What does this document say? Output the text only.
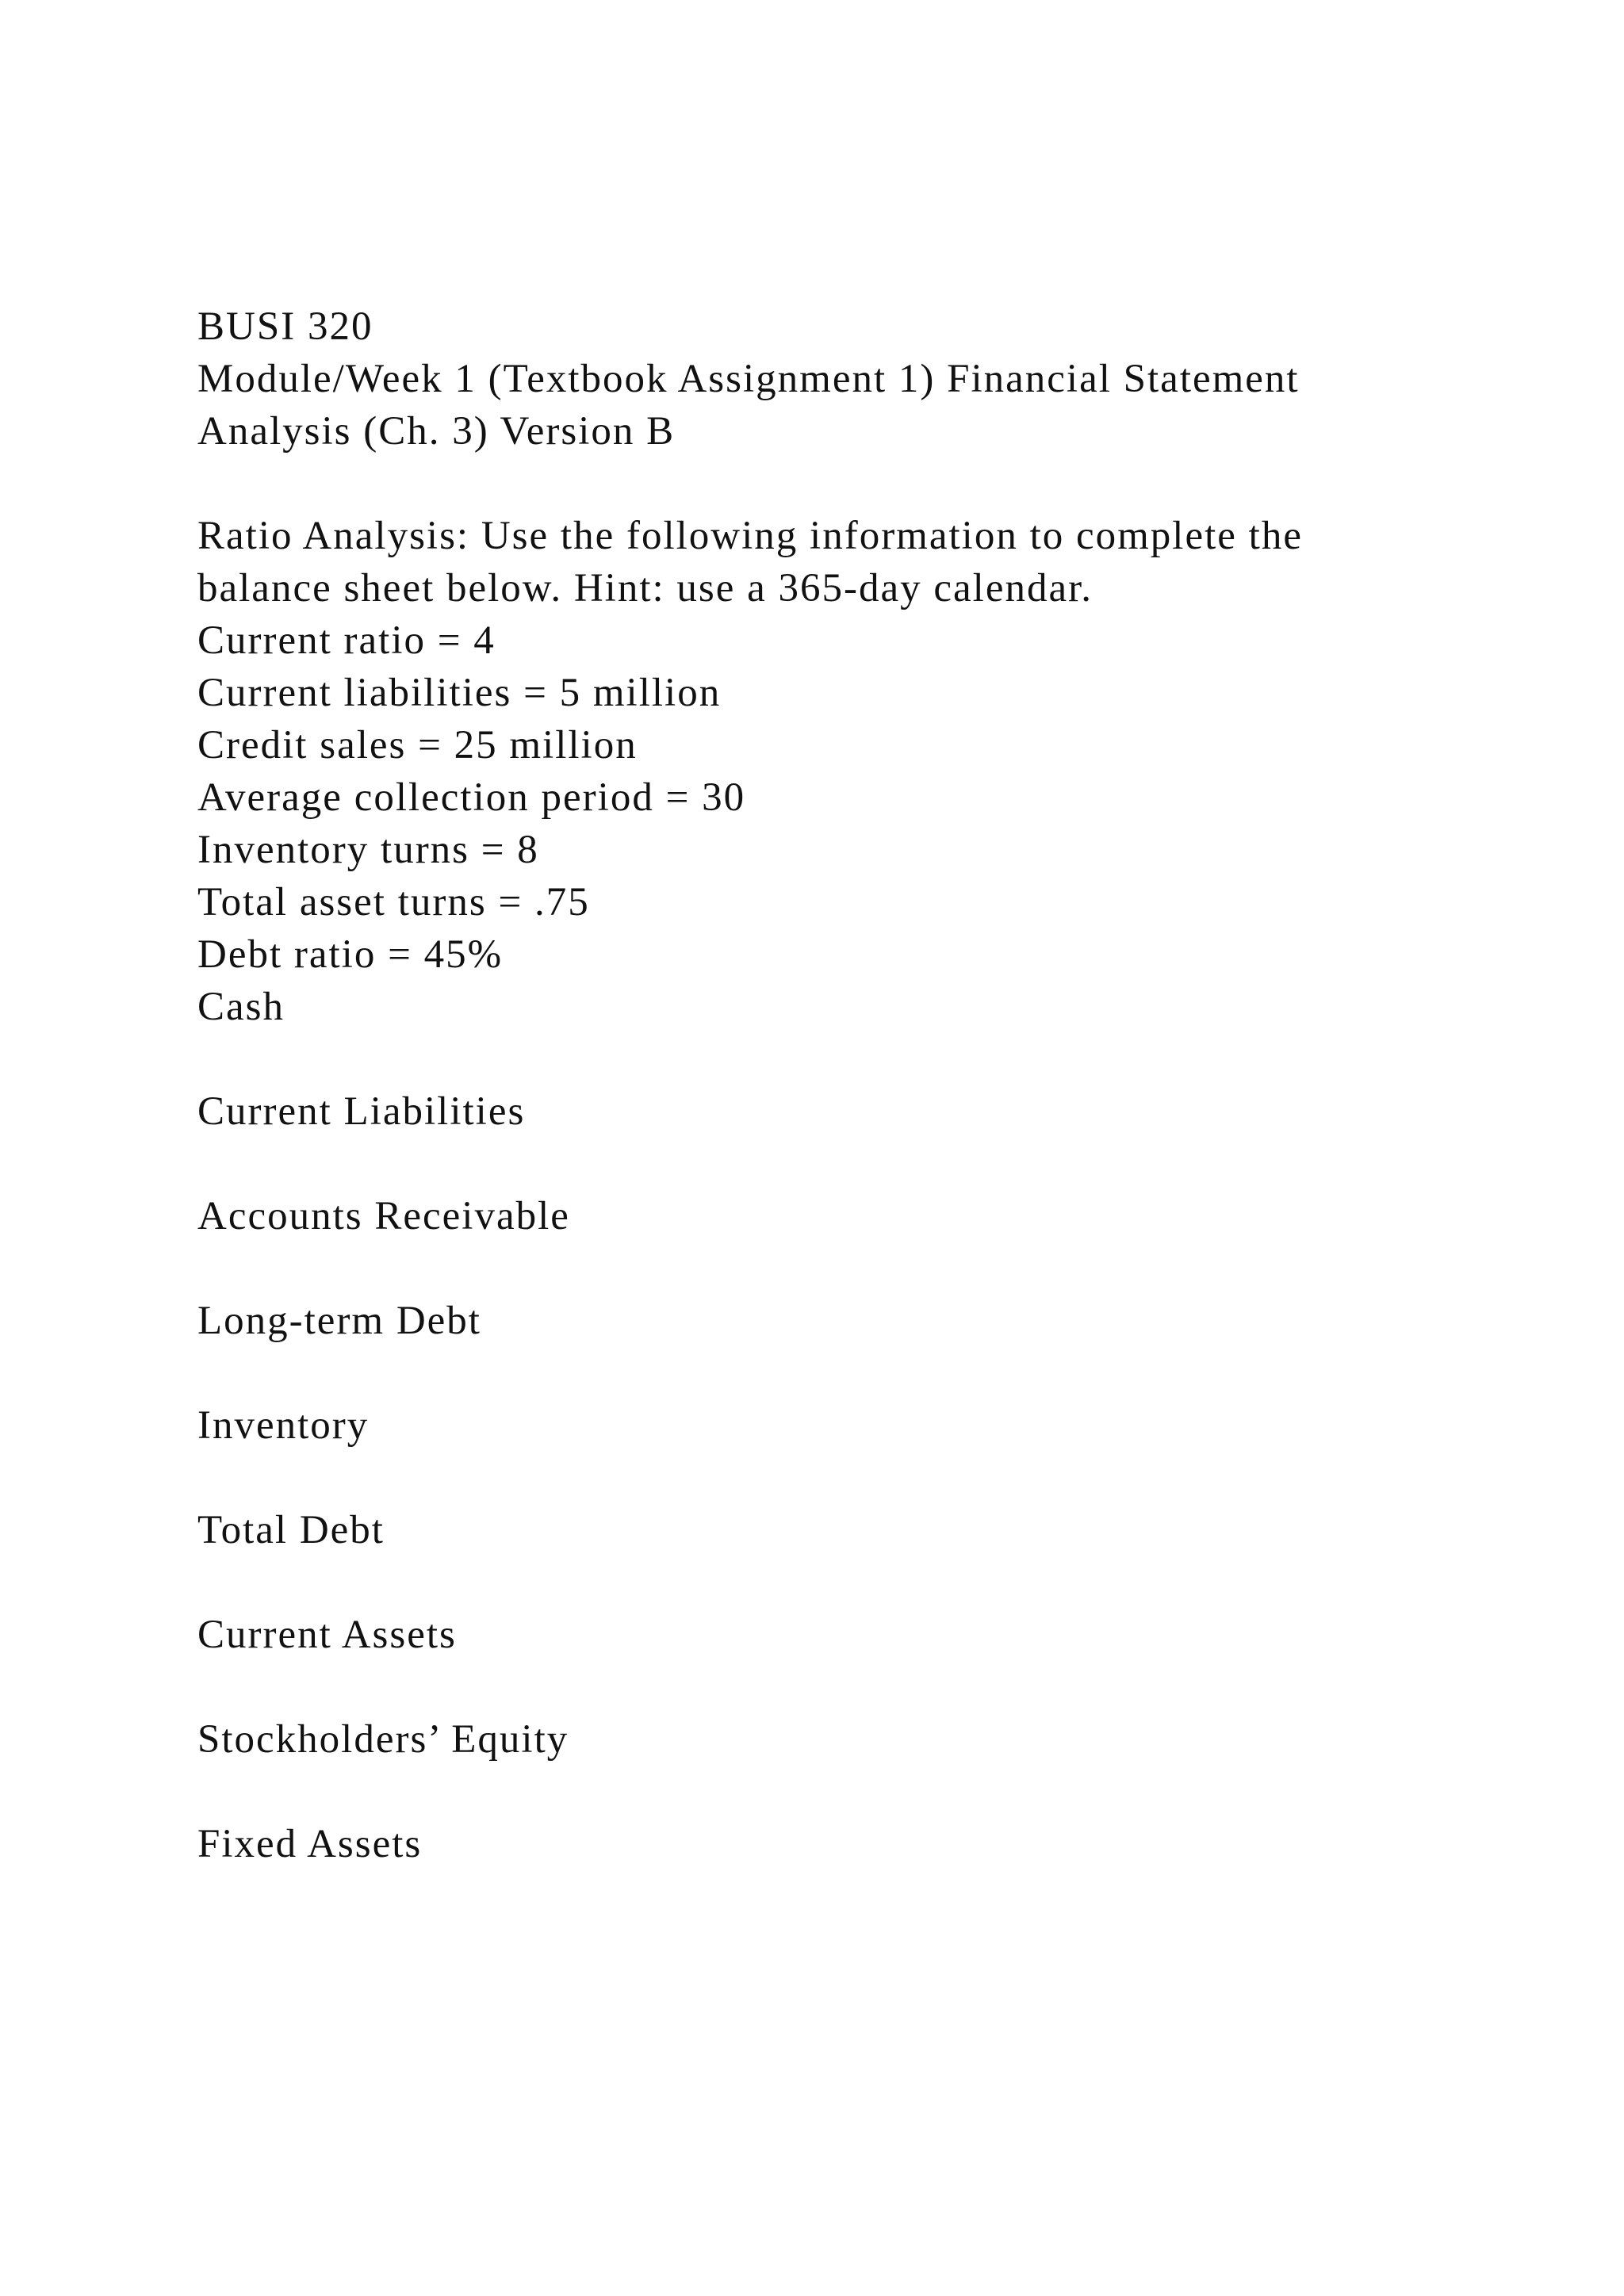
BUSI 320
Module/Week 1 (Textbook Assignment 1) Financial Statement
Analysis (Ch. 3) Version B
Ratio Analysis: Use the following information to complete the
balance sheet below. Hint: use a 365-day calendar.
Current ratio = 4
Current liabilities = 5 million
Credit sales = 25 million
Average collection period = 30
Inventory turns = 8
Total asset turns = .75
Debt ratio = 45%
Cash
Current Liabilities
Accounts Receivable
Long-term Debt
Inventory
Total Debt
Current Assets
Stockholders’ Equity
Fixed Assets
